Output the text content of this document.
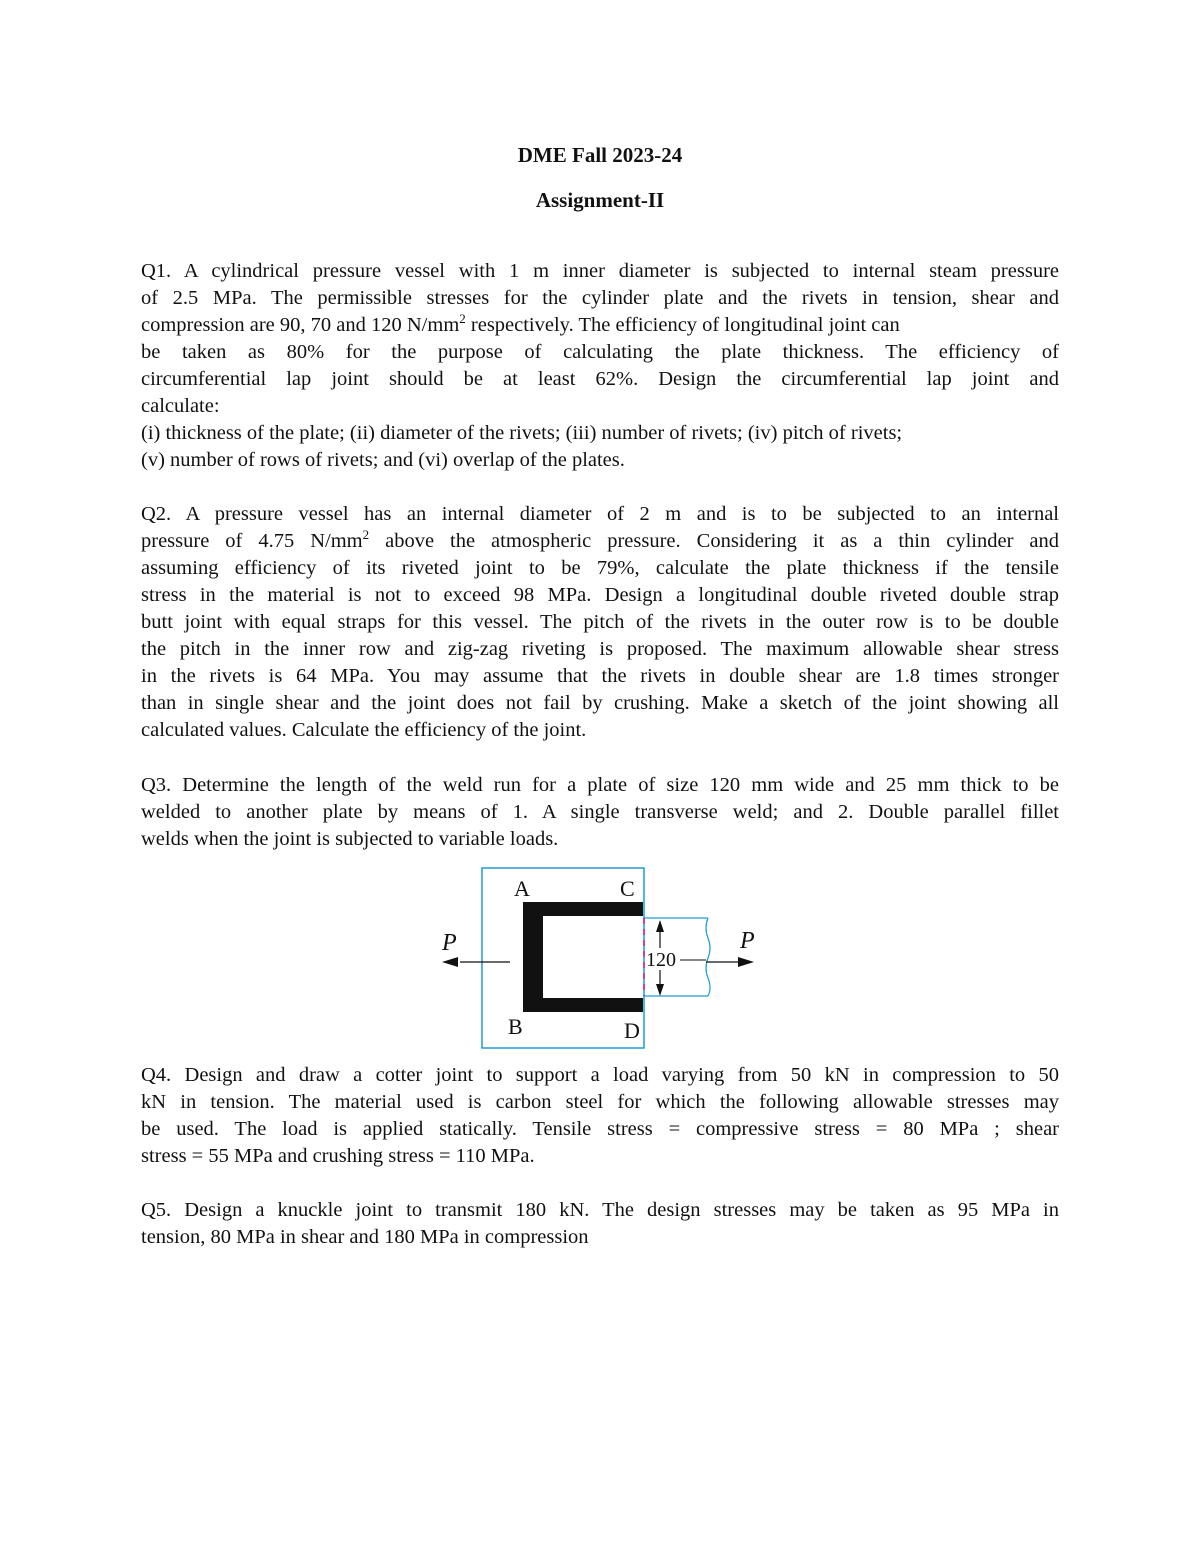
DME Fall 2023-24
Assignment-II
Q1. A cylindrical pressure vessel with 1 m inner diameter is subjected to internal steam pressure
of 2.5 MPa. The permissible stresses for the cylinder plate and the rivets in tension, shear and
compression are 90, 70 and 120 $N/mm^2$ respectively. The efficiency of longitudinal joint can
be taken as 80% for the purpose of calculating the plate thickness. The efficiency of
circumferential lap joint should be at least 62%. Design the circumferential lap joint and
calculate:
(i) thickness of the plate; (ii) diameter of the rivets; (iii) number of rivets; (iv) pitch of rivets;
(v) number of rows of rivets; and (vi) overlap of the plates.
Q2. A pressure vessel has an internal diameter of 2 m and is to be subjected to an internal
pressure of 4.75 $N/mm^2$ above the atmospheric pressure. Considering it as a thin cylinder and
assuming efficiency of its riveted joint to be 79%, calculate the plate thickness if the tensile
stress in the material is not to exceed 98 MPa. Design a longitudinal double riveted double strap
butt joint with equal straps for this vessel. The pitch of the rivets in the outer row is to be double
the pitch in the inner row and zig-zag riveting is proposed. The maximum allowable shear stress
in the rivets is 64 MPa. You may assume that the rivets in double shear are 1.8 times stronger
than in single shear and the joint does not fail by crushing. Make a sketch of the joint showing all
calculated values. Calculate the efficiency of the joint.
Q3. Determine the length of the weld run for a plate of size 120 mm wide and 25 mm thick to be
welded to another plate by means of 1. A single transverse weld; and 2. Double parallel fillet
welds when the joint is subjected to variable loads.
120
A	C
B	D
P	P
Q4. Design and draw a cotter joint to support a load varying from 50 kN in compression to 50
kN in tension. The material used is carbon steel for which the following allowable stresses may
be used. The load is applied statically. Tensile stress = compressive stress = 80 MPa ; shear
stress = 55 MPa and crushing stress = 110 MPa.
Q5. Design a knuckle joint to transmit 180 kN. The design stresses may be taken as 95 MPa in
tension, 80 MPa in shear and 180 MPa in compression
